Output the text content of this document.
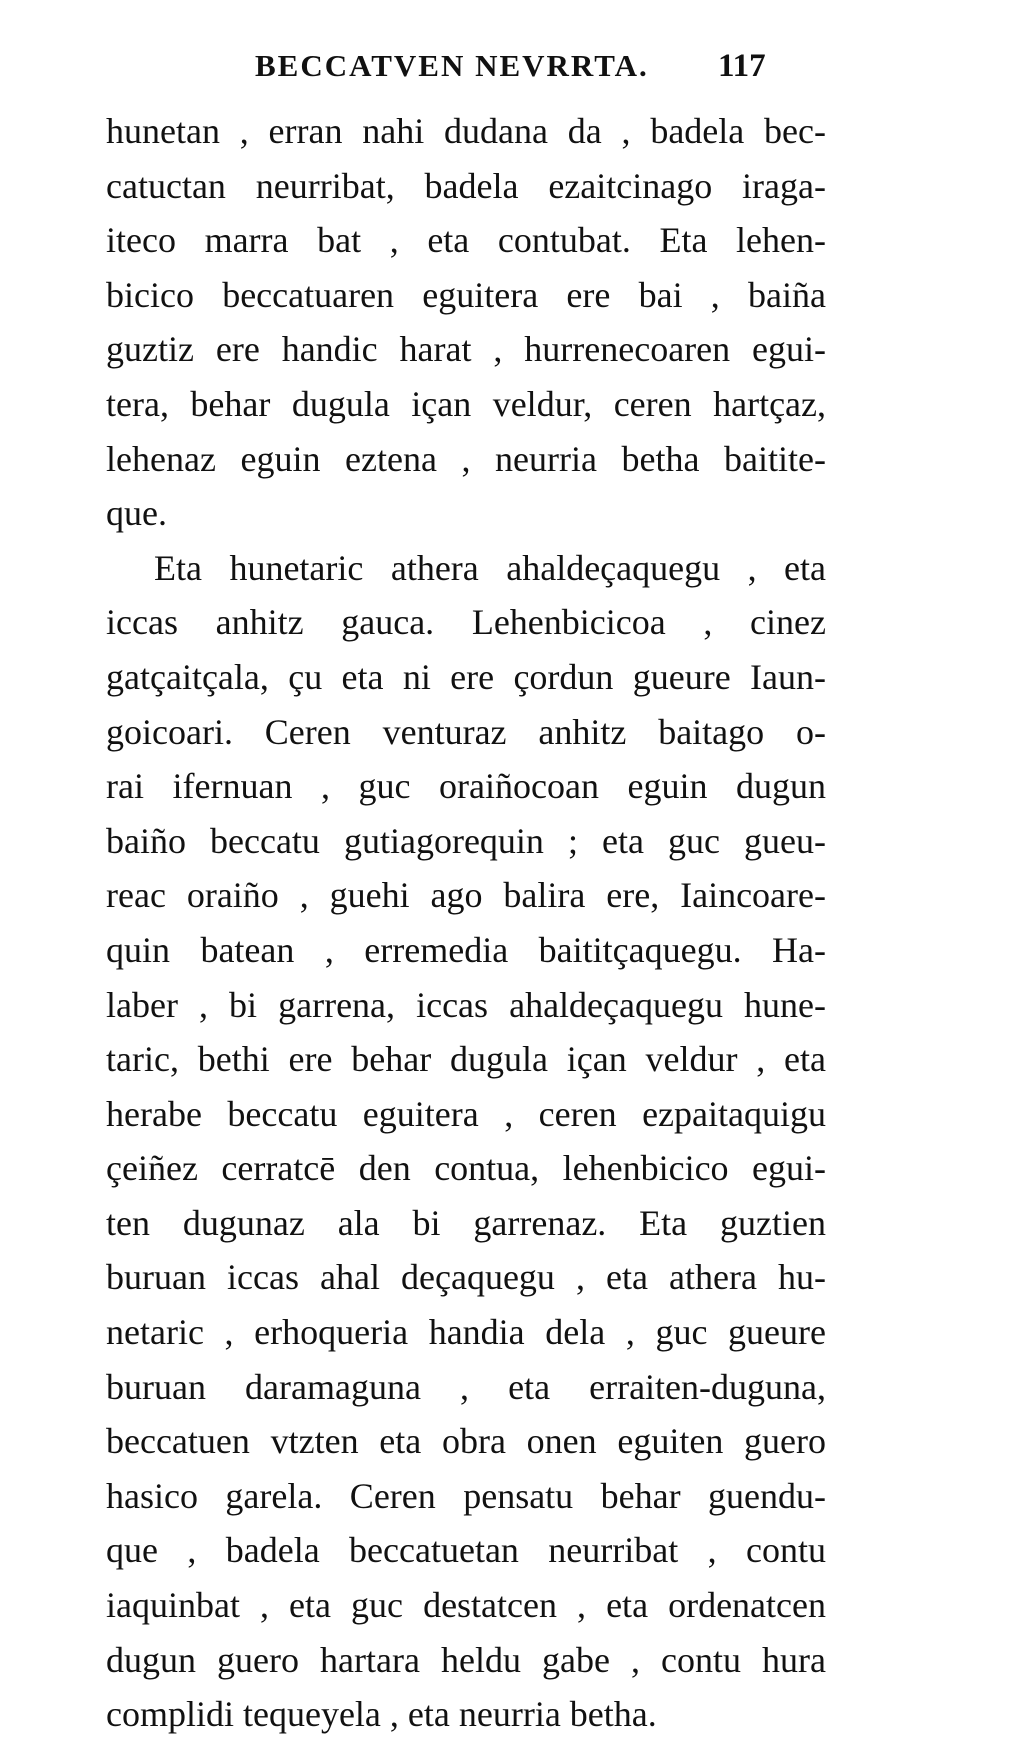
BECCATVEN NEVRRTA. 117
hunetan , erran nahi dudana da , badela bec-
catuctan neurribat, badela ezaitcinago iraga-
iteco marra bat , eta contubat. Eta lehen-
bicico beccatuaren eguitera ere bai , baiña
guztiz ere handic harat , hurrenecoaren egui-
tera, behar dugula içan veldur, ceren hartçaz,
lehenaz eguin eztena , neurria betha baitite-
que.
Eta hunetaric athera ahaldeçaquegu , eta
iccas anhitz gauca. Lehenbicicoa , cinez
gatçaitçala, çu eta ni ere çordun gueure Iaun-
goicoari. Ceren venturaz anhitz baitago o-
rai ifernuan , guc oraiñocoan eguin dugun
baiño beccatu gutiagorequin ; eta guc gueu-
reac oraiño , guehi ago balira ere, Iaincoare-
quin batean , erremedia baititçaquegu. Ha-
laber , bi garrena, iccas ahaldeçaquegu hune-
taric, bethi ere behar dugula içan veldur , eta
herabe beccatu eguitera , ceren ezpaitaquigu
çeiñez cerratcē den contua, lehenbicico egui-
ten dugunaz ala bi garrenaz. Eta guztien
buruan iccas ahal deçaquegu , eta athera hu-
netaric , erhoqueria handia dela , guc gueure
buruan daramaguna , eta erraiten-duguna,
beccatuen vtzten eta obra onen eguiten guero
hasico garela. Ceren pensatu behar guendu-
que , badela beccatuetan neurribat , contu
iaquinbat , eta guc destatcen , eta ordenatcen
dugun guero hartara heldu gabe , contu hura
complidi tequeyela , eta neurria betha.
